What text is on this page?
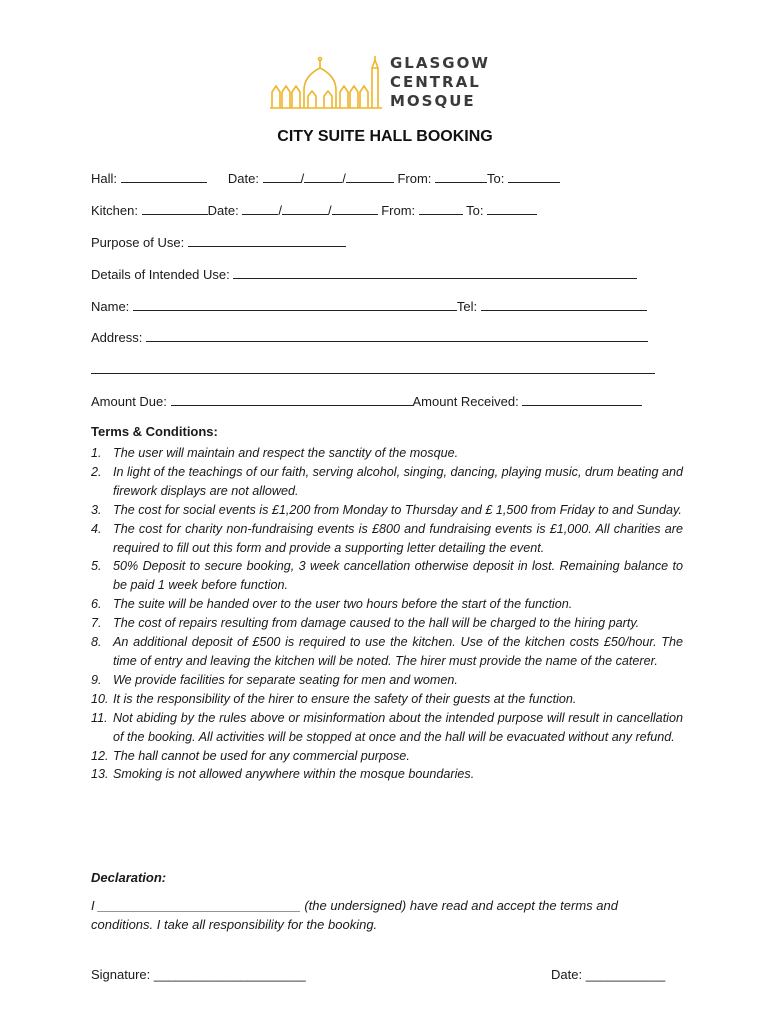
GLASGOW
CENTRAL
MOSQUE
CITY SUITE HALL BOOKING
Hall:	Date:	/	/	From:	To:
Kitchen:	Date:	/	/	From:	To:
Purpose of Use:
Details of Intended Use:
Name:	Tel:
Address:
Amount Due:	Amount Received:
Terms & Conditions:
1. The user will maintain and respect the sanctity of the mosque.
2. In light of the teachings of our faith, serving alcohol, singing, dancing, playing music, drum beating and firework displays are not allowed.
3. The cost for social events is £1,200 from Monday to Thursday and £ 1,500 from Friday to and Sunday.
4. The cost for charity non-fundraising events is £800 and fundraising events is £1,000. All charities are required to fill out this form and provide a supporting letter detailing the event.
5. 50% Deposit to secure booking, 3 week cancellation otherwise deposit in lost. Remaining balance to be paid 1 week before function.
6. The suite will be handed over to the user two hours before the start of the function.
7. The cost of repairs resulting from damage caused to the hall will be charged to the hiring party.
8. An additional deposit of £500 is required to use the kitchen. Use of the kitchen costs £50/hour. The time of entry and leaving the kitchen will be noted. The hirer must provide the name of the caterer.
9. We provide facilities for separate seating for men and women.
10. It is the responsibility of the hirer to ensure the safety of their guests at the function.
11. Not abiding by the rules above or misinformation about the intended purpose will result in cancellation of the booking. All activities will be stopped at once and the hall will be evacuated without any refund.
12. The hall cannot be used for any commercial purpose.
13. Smoking is not allowed anywhere within the mosque boundaries.
Declaration:
I ____________________________ (the undersigned) have read and accept the terms and conditions. I take all responsibility for the booking.
Signature: _____________________	Date: ___________
